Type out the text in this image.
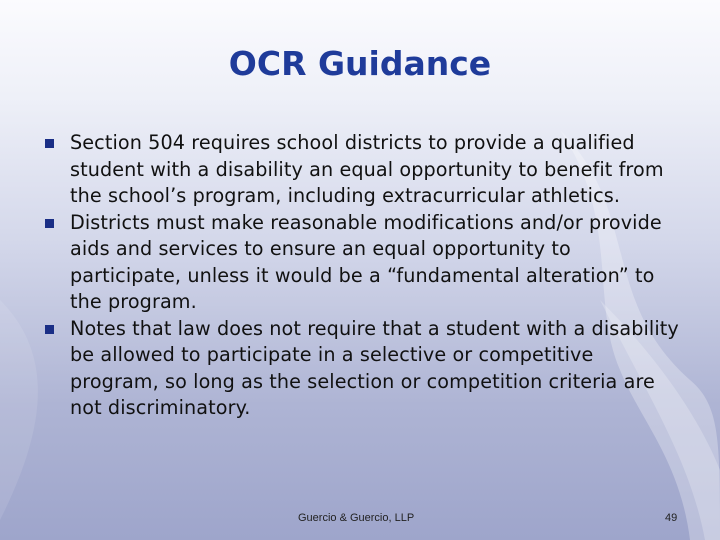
OCR Guidance
Section 504 requires school districts to provide a qualified student with a disability an equal opportunity to benefit from the school’s program, including extracurricular athletics.
Districts must make reasonable modifications and/or provide aids and services to ensure an equal opportunity to participate, unless it would be a “fundamental alteration” to the program.
Notes that law does not require that a student with a disability be allowed to participate in a selective or competitive program, so long as the selection or competition criteria are not discriminatory.
Guercio & Guercio, LLP	49
